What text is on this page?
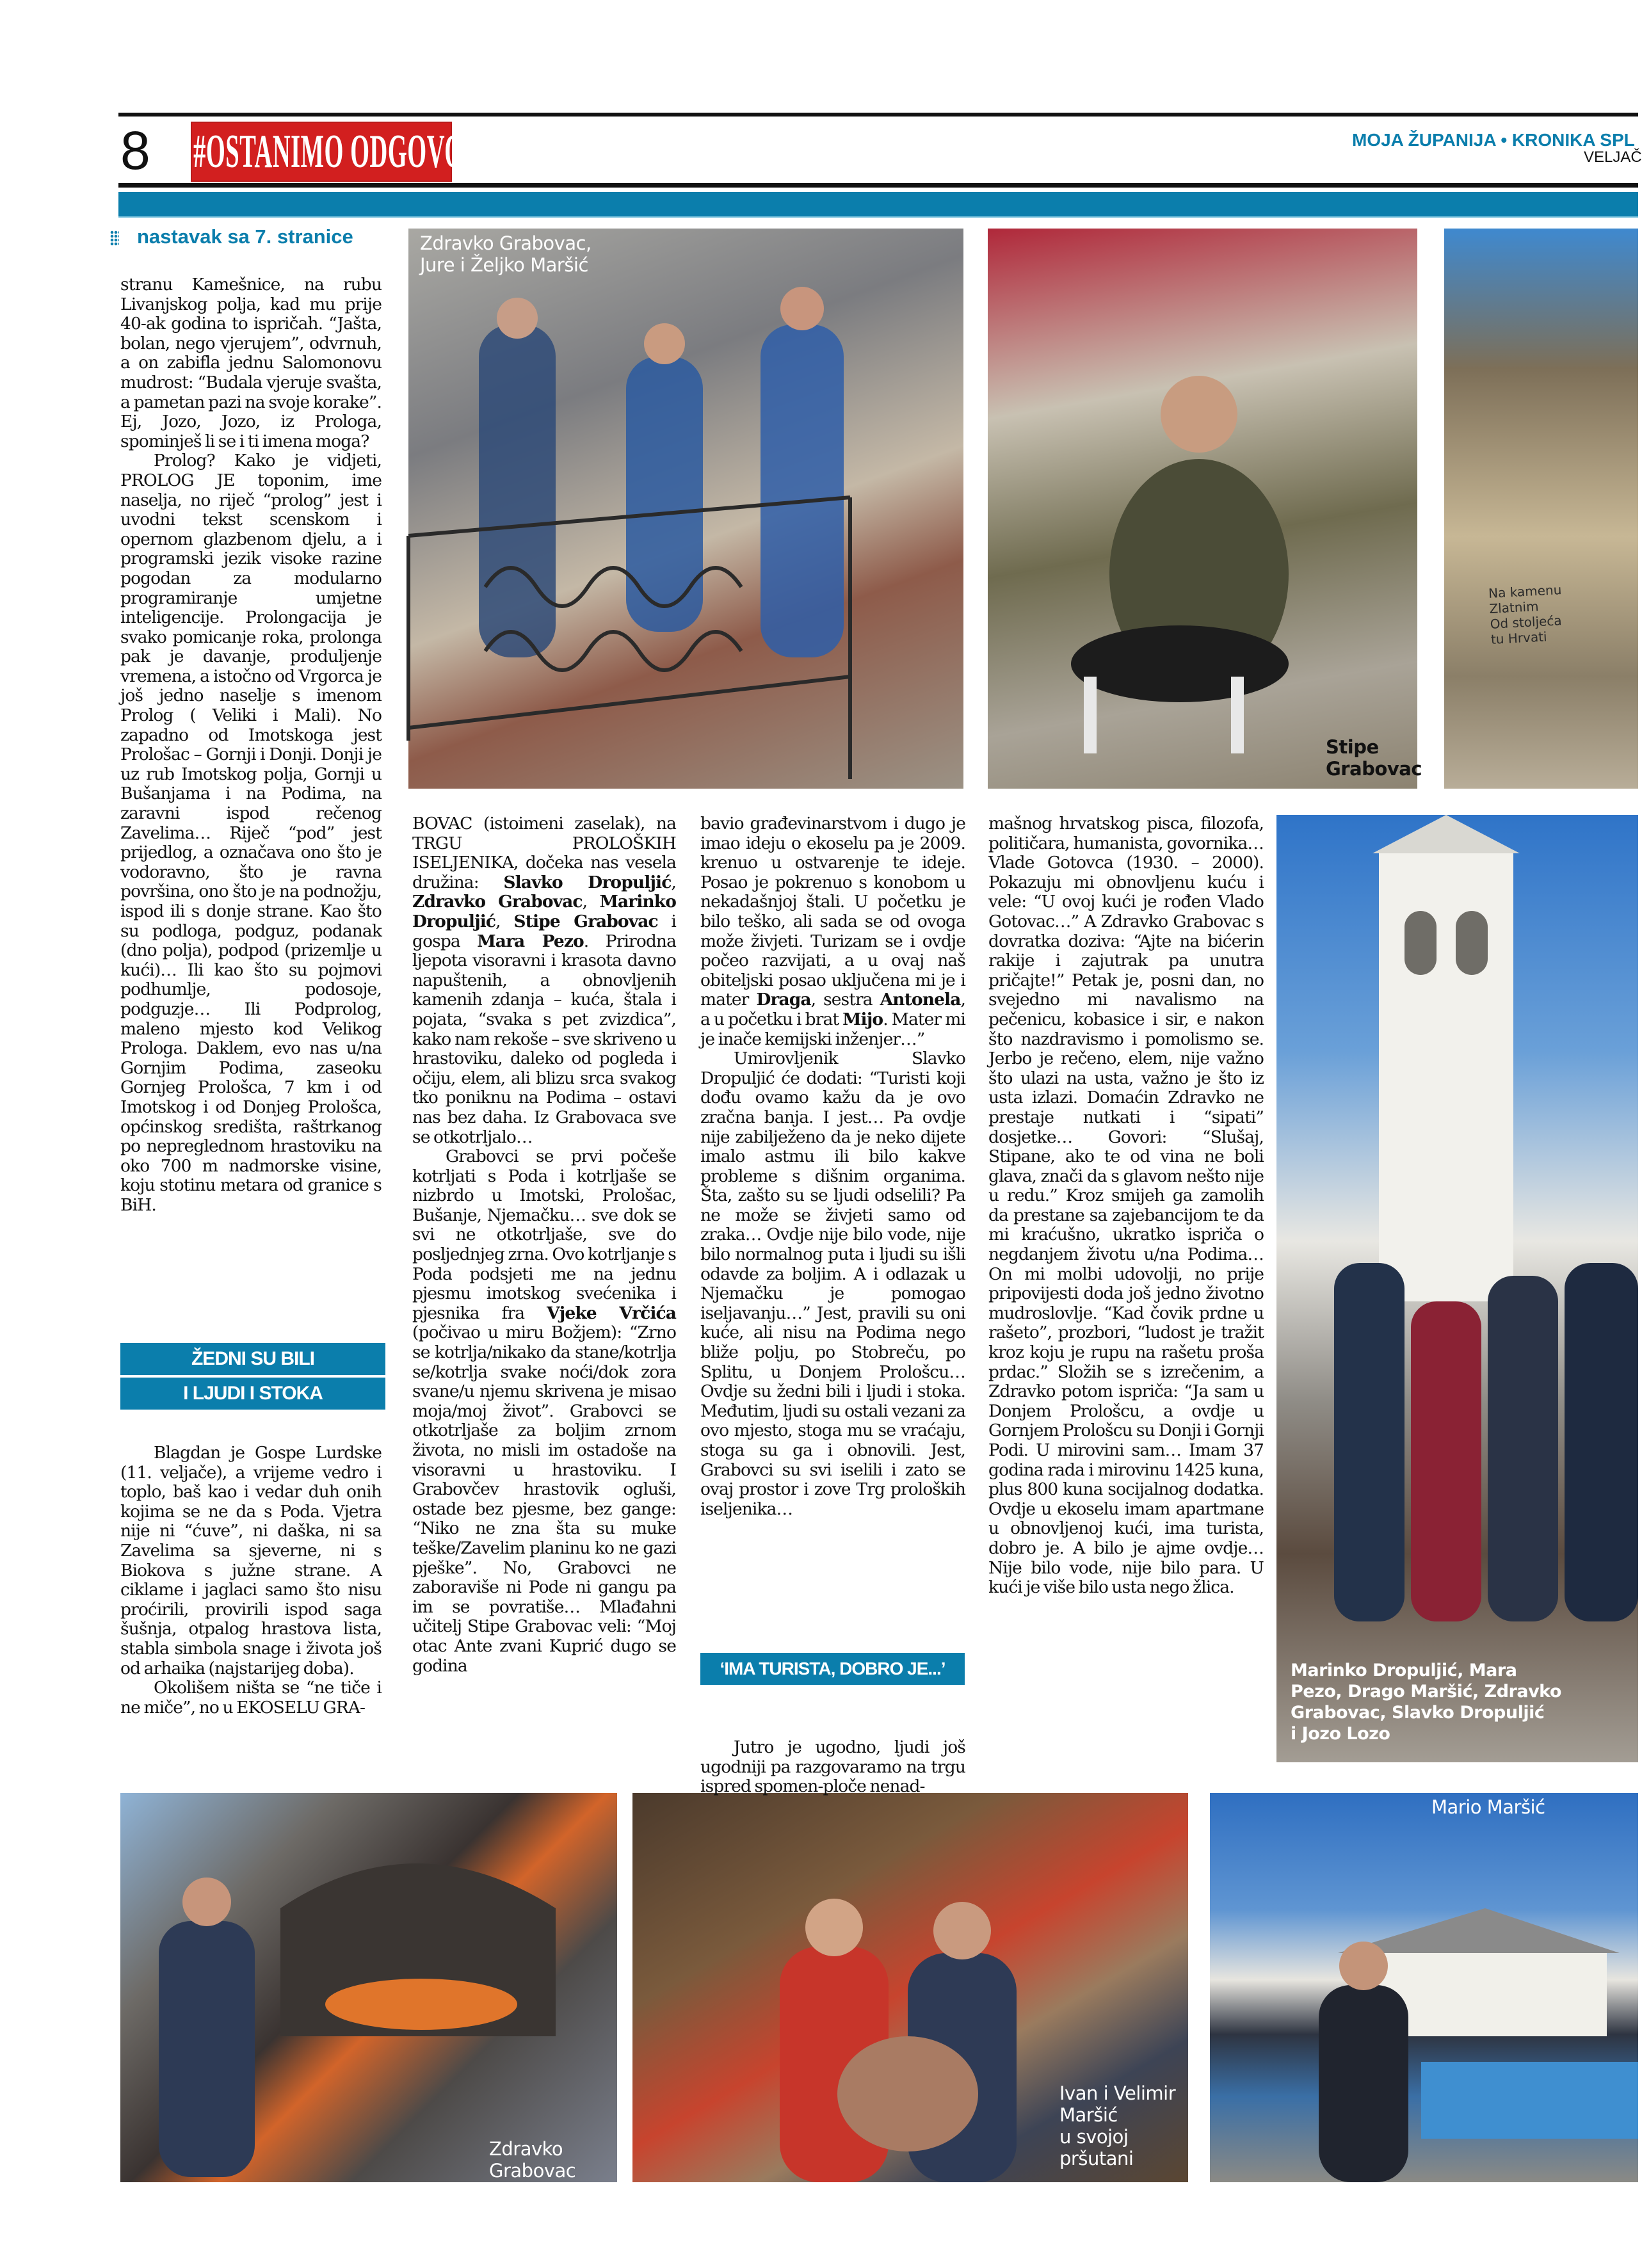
8 #OSTANIMO ODGOVORNI	MOJA ŽUPANIJA • KRONIKA SPL
VELJAČ
nastavak sa 7. stranice	Zdravko Grabovac,
Jure i Željko Maršić
Stipe
Grabovac
Na kamenu
Zlatnim
Od stoljeća
tu Hrvati
Marinko Dropuljić, Mara
Pezo, Drago Maršić, Zdravko
Grabovac, Slavko Dropuljić
i Jozo Lozo
Zdravko
Grabovac
Ivan i Velimir
Maršić
u svojoj
pršutani
Mario Maršić

stranu Kamešnice, na rubu Livanjskog polja, kad mu prije 40-ak godina to ispričah. “Jašta, bolan, nego vjerujem”, odvrnuh, a on zabifla jednu Salomonovu mudrost: “Budala vjeruje svašta, a pametan pazi na svoje korake”. Ej, Jozo, Jozo, iz Prologa, spominješ li se i ti imena moga?

Prolog? Kako je vidjeti, PROLOG JE toponim, ime naselja, no riječ “prolog” jest i uvodni tekst scenskom i opernom glazbenom djelu, a i programski jezik visoke razine pogodan za modularno programiranje umjetne inteligencije. Prolongacija je svako pomicanje roka, prolonga pak je davanje, produljenje vremena, a istočno od Vrgorca je još jedno naselje s imenom Prolog ( Veliki i Mali). No zapadno od Imotskoga jest Prološac – Gornji i Donji. Donji je uz rub Imotskog polja, Gornji u Bušanjama i na Podima, na zaravni ispod rečenog Zavelima… Riječ “pod” jest prijedlog, a označava ono što je vodoravno, što je ravna površina, ono što je na podnožju, ispod ili s donje strane. Kao što su podloga, podguz, podanak (dno polja), podpod (prizemlje u kući)… Ili kao što su pojmovi podhumlje, podosoje, podguzje… Ili Podprolog, maleno mjesto kod Velikog Prologa. Daklem, evo nas u/na Gornjim Podima, zaseoku Gornjeg Prološca, 7 km i od Imotskog i od Donjeg Prološca, općinskog središta, raštrkanog po nepreglednom hrastoviku na oko 700 m nadmorske visine, koju stotinu metara od granice s BiH.

ŽEDNI SU BILI
I LJUDI I STOKA

Blagdan je Gospe Lurdske (11. veljače), a vrijeme vedro i toplo, baš kao i vedar duh onih kojima se ne da s Poda. Vjetra nije ni “ćuve”, ni daška, ni sa Zavelima sa sjeverne, ni s Biokova s južne strane. A ciklame i jaglaci samo što nisu proćirili, provirili ispod saga šušnja, otpalog hrastova lista, stabla simbola snage i života još od arhaika (najstarijeg doba).

Okolišem ništa se “ne tiče i ne miče”, no u EKOSELU GRA-

BOVAC (istoimeni zaselak), na TRGU PROLOŠKIH ISELJENIKA, dočeka nas vesela družina: Slavko Dropuljić, Zdravko Grabovac, Marinko Dropuljić, Stipe Grabovac i gospa Mara Pezo. Prirodna ljepota visoravni i krasota davno napuštenih, a obnovljenih kamenih zdanja – kuća, štala i pojata, “svaka s pet zvizdica”, kako nam rekoše – sve skriveno u hrastoviku, daleko od pogleda i očiju, elem, ali blizu srca svakog tko poniknu na Podima – ostavi nas bez daha. Iz Grabovaca sve se otkotrljalo…

Grabovci se prvi počeše kotrljati s Poda i kotrljaše se nizbrdo u Imotski, Prološac, Bušanje, Njemačku… sve dok se svi ne otkotrljaše, sve do posljednjeg zrna. Ovo kotrljanje s Poda podsjeti me na jednu pjesmu imotskog svećenika i pjesnika fra Vjeke Vrčića (počivao u miru Božjem): “Zrno se kotrlja/nikako da stane/kotrlja se/kotrlja svake noći/dok zora svane/u njemu skrivena je misao moja/moj život”. Grabovci se otkotrljaše za boljim zrnom života, no misli im ostadoše na visoravni u hrastoviku. I Grabovčev hrastovik ogluši, ostade bez pjesme, bez gange: “Niko ne zna šta su muke teške/Zavelim planinu ko ne gazi pješke”. No, Grabovci ne zaboraviše ni Pode ni gangu pa im se povratiše… Mlađahni učitelj Stipe Grabovac veli: “Moj otac Ante zvani Kuprić dugo se godina

bavio građevinarstvom i dugo je imao ideju o ekoselu pa je 2009. krenuo u ostvarenje te ideje. Posao je pokrenuo s konobom u nekadašnjoj štali. U početku je bilo teško, ali sada se od ovoga može živjeti. Turizam se i ovdje počeo razvijati, a u ovaj naš obiteljski posao uključena mi je i mater Draga, sestra Antonela, a u početku i brat Mijo. Mater mi je inače kemijski inženjer…”

Umirovljenik Slavko Dropuljić će dodati: “Turisti koji dođu ovamo kažu da je ovo zračna banja. I jest… Pa ovdje nije zabilježeno da je neko dijete imalo astmu ili bilo kakve probleme s dišnim organima. Šta, zašto su se ljudi odselili? Pa ne može se živjeti samo od zraka… Ovdje nije bilo vode, nije bilo normalnog puta i ljudi su išli odavde za boljim. A i odlazak u Njemačku je pomogao iseljavanju…” Jest, pravili su oni kuće, ali nisu na Podima nego bliže polju, po Stobreču, po Splitu, u Donjem Prološcu… Ovdje su žedni bili i ljudi i stoka. Međutim, ljudi su ostali vezani za ovo mjesto, stoga mu se vraćaju, stoga su ga i obnovili. Jest, Grabovci su svi iselili i zato se ovaj prostor i zove Trg proloških iseljenika…

‘IMA TURISTA, DOBRO JE...’

Jutro je ugodno, ljudi još ugodniji pa razgovaramo na trgu ispred spomen-ploče nenad-

mašnog hrvatskog pisca, filozofa, političara, humanista, govornika… Vlade Gotovca (1930. – 2000). Pokazuju mi obnovljenu kuću i vele: “U ovoj kući je rođen Vlado Gotovac…” A Zdravko Grabovac s dovratka doziva: “Ajte na bićerin rakije i zajutrak pa unutra pričajte!” Petak je, posni dan, no svejedno mi navalismo na pečenicu, kobasice i sir, e nakon što nazdravismo i pomolismo se. Jerbo je rečeno, elem, nije važno što ulazi na usta, važno je što iz usta izlazi. Domaćin Zdravko ne prestaje nutkati i “sipati” dosjetke… Govori: “Slušaj, Stipane, ako te od vina ne boli glava, znači da s glavom nešto nije u redu.” Kroz smijeh ga zamolih da prestane sa zajebancijom te da mi kraćušno, ukratko ispriča o negdanjem životu u/na Podima… On mi molbi udovolji, no prije pripovijesti doda još jedno životno mudroslovlje. “Kad čovik prdne u rašeto”, prozbori, “ludost je tražit kroz koju je rupu na rašetu proša prdac.” Složih se s izrečenim, a Zdravko potom ispriča: “Ja sam u Donjem Prološcu, a ovdje u Gornjem Prološcu su Donji i Gornji Podi. U mirovini sam… Imam 37 godina rada i mirovinu 1425 kuna, plus 800 kuna socijalnog dodatka. Ovdje u ekoselu imam apartmane u obnovljenoj kući, ima turista, dobro je. A bilo je ajme ovdje… Nije bilo vode, nije bilo para. U kući je više bilo usta nego žlica.
